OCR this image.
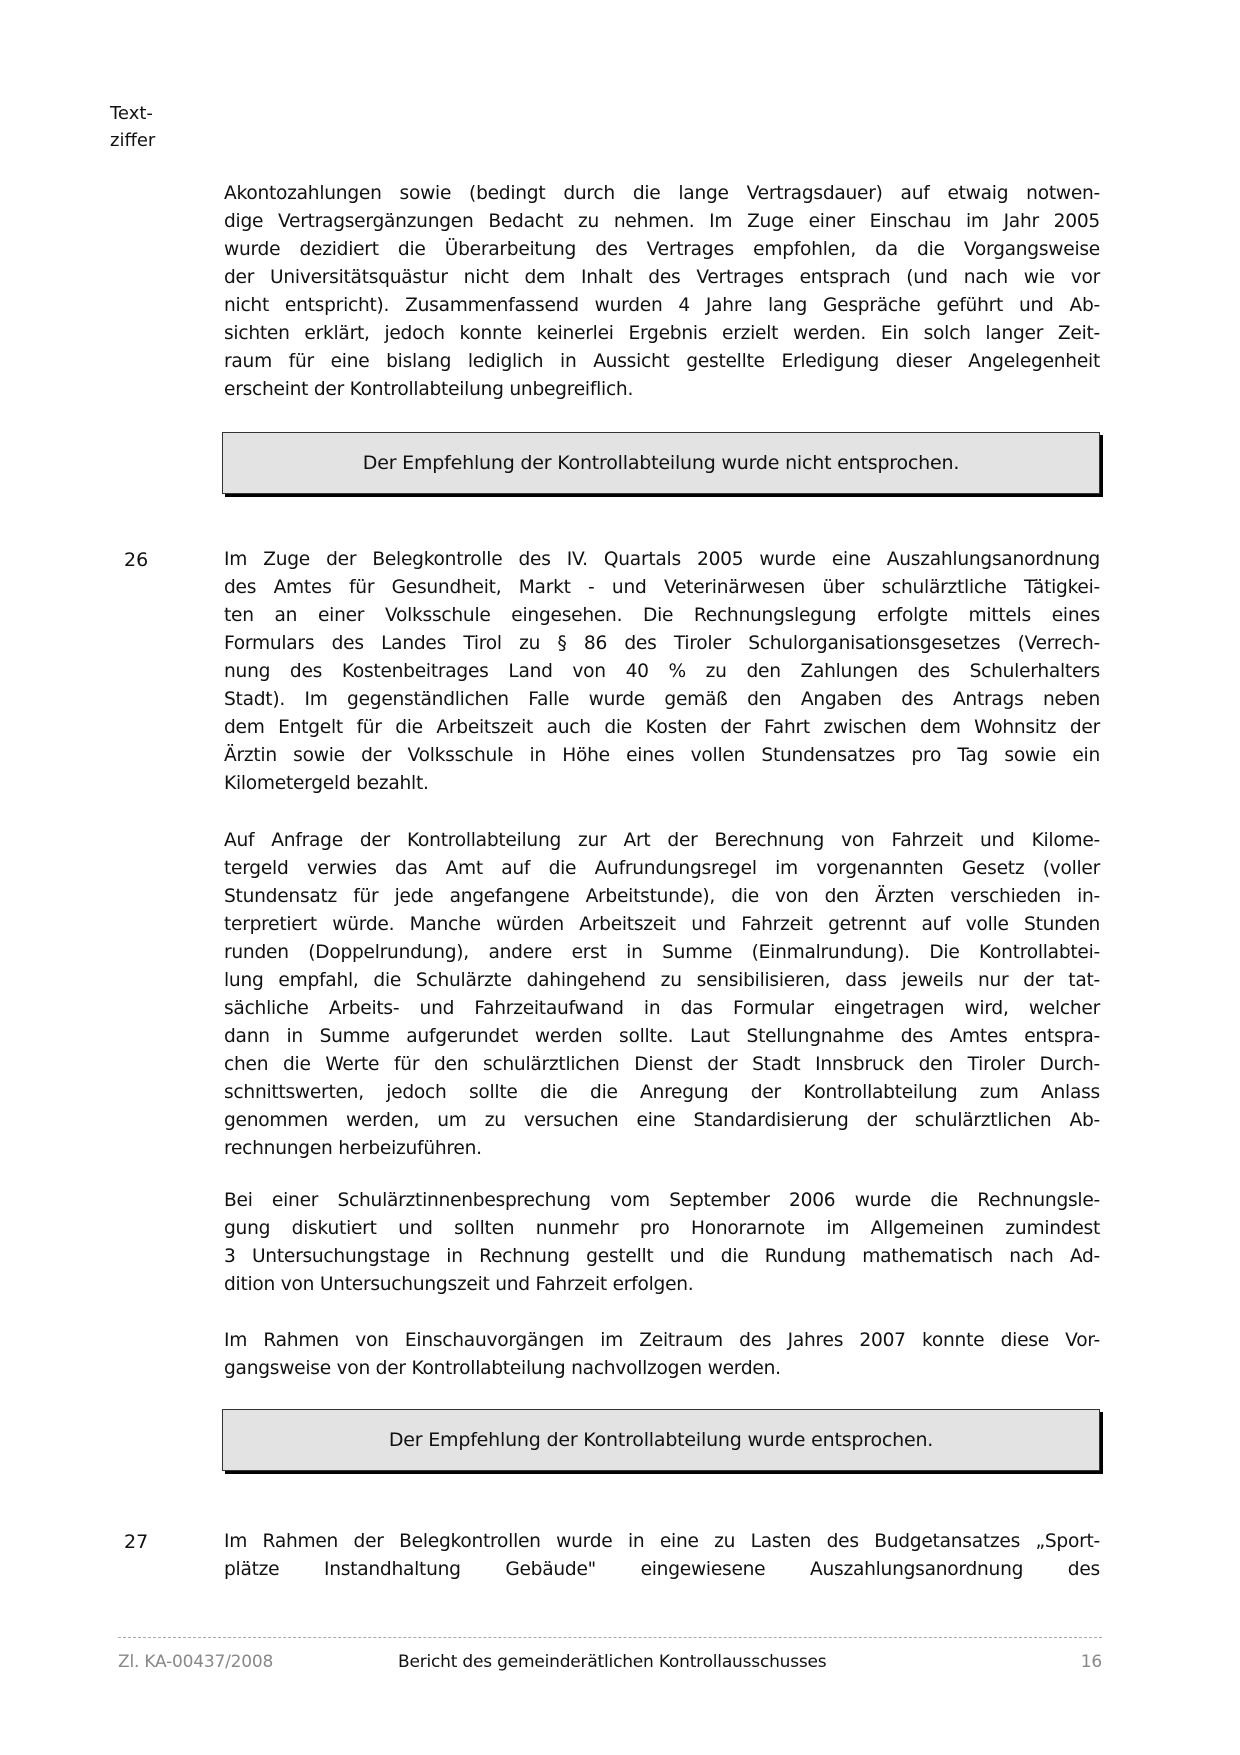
Text-
ziffer
Akontozahlungen sowie (bedingt durch die lange Vertragsdauer) auf etwaig notwen-
dige Vertragsergänzungen Bedacht zu nehmen. Im Zuge einer Einschau im Jahr 2005
wurde dezidiert die Überarbeitung des Vertrages empfohlen, da die Vorgangsweise
der Universitätsquästur nicht dem Inhalt des Vertrages entsprach (und nach wie vor
nicht entspricht). Zusammenfassend wurden 4 Jahre lang Gespräche geführt und Ab-
sichten erklärt, jedoch konnte keinerlei Ergebnis erzielt werden. Ein solch langer Zeit-
raum für eine bislang lediglich in Aussicht gestellte Erledigung dieser Angelegenheit
erscheint der Kontrollabteilung unbegreiflich.
Der Empfehlung der Kontrollabteilung wurde nicht entsprochen.
26	Im Zuge der Belegkontrolle des IV. Quartals 2005 wurde eine Auszahlungsanordnung
des Amtes für Gesundheit, Markt - und Veterinärwesen über schulärztliche Tätigkei-
ten an einer Volksschule eingesehen. Die Rechnungslegung erfolgte mittels eines
Formulars des Landes Tirol zu § 86 des Tiroler Schulorganisationsgesetzes (Verrech-
nung des Kostenbeitrages Land von 40 % zu den Zahlungen des Schulerhalters
Stadt). Im gegenständlichen Falle wurde gemäß den Angaben des Antrags neben
dem Entgelt für die Arbeitszeit auch die Kosten der Fahrt zwischen dem Wohnsitz der
Ärztin sowie der Volksschule in Höhe eines vollen Stundensatzes pro Tag sowie ein
Kilometergeld bezahlt.
Auf Anfrage der Kontrollabteilung zur Art der Berechnung von Fahrzeit und Kilome-
tergeld verwies das Amt auf die Aufrundungsregel im vorgenannten Gesetz (voller
Stundensatz für jede angefangene Arbeitstunde), die von den Ärzten verschieden in-
terpretiert würde. Manche würden Arbeitszeit und Fahrzeit getrennt auf volle Stunden
runden (Doppelrundung), andere erst in Summe (Einmalrundung). Die Kontrollabtei-
lung empfahl, die Schulärzte dahingehend zu sensibilisieren, dass jeweils nur der tat-
sächliche Arbeits- und Fahrzeitaufwand in das Formular eingetragen wird, welcher
dann in Summe aufgerundet werden sollte. Laut Stellungnahme des Amtes entspra-
chen die Werte für den schulärztlichen Dienst der Stadt Innsbruck den Tiroler Durch-
schnittswerten, jedoch sollte die die Anregung der Kontrollabteilung zum Anlass
genommen werden, um zu versuchen eine Standardisierung der schulärztlichen Ab-
rechnungen herbeizuführen.
Bei einer Schulärztinnenbesprechung vom September 2006 wurde die Rechnungsle-
gung diskutiert und sollten nunmehr pro Honorarnote im Allgemeinen zumindest
3 Untersuchungstage in Rechnung gestellt und die Rundung mathematisch nach Ad-
dition von Untersuchungszeit und Fahrzeit erfolgen.
Im Rahmen von Einschauvorgängen im Zeitraum des Jahres 2007 konnte diese Vor-
gangsweise von der Kontrollabteilung nachvollzogen werden.
Der Empfehlung der Kontrollabteilung wurde entsprochen.
27	Im Rahmen der Belegkontrollen wurde in eine zu Lasten des Budgetansatzes „Sport-
plätze Instandhaltung Gebäude" eingewiesene Auszahlungsanordnung des
Zl. KA-00437/2008	Bericht des gemeinderätlichen Kontrollausschusses	16
